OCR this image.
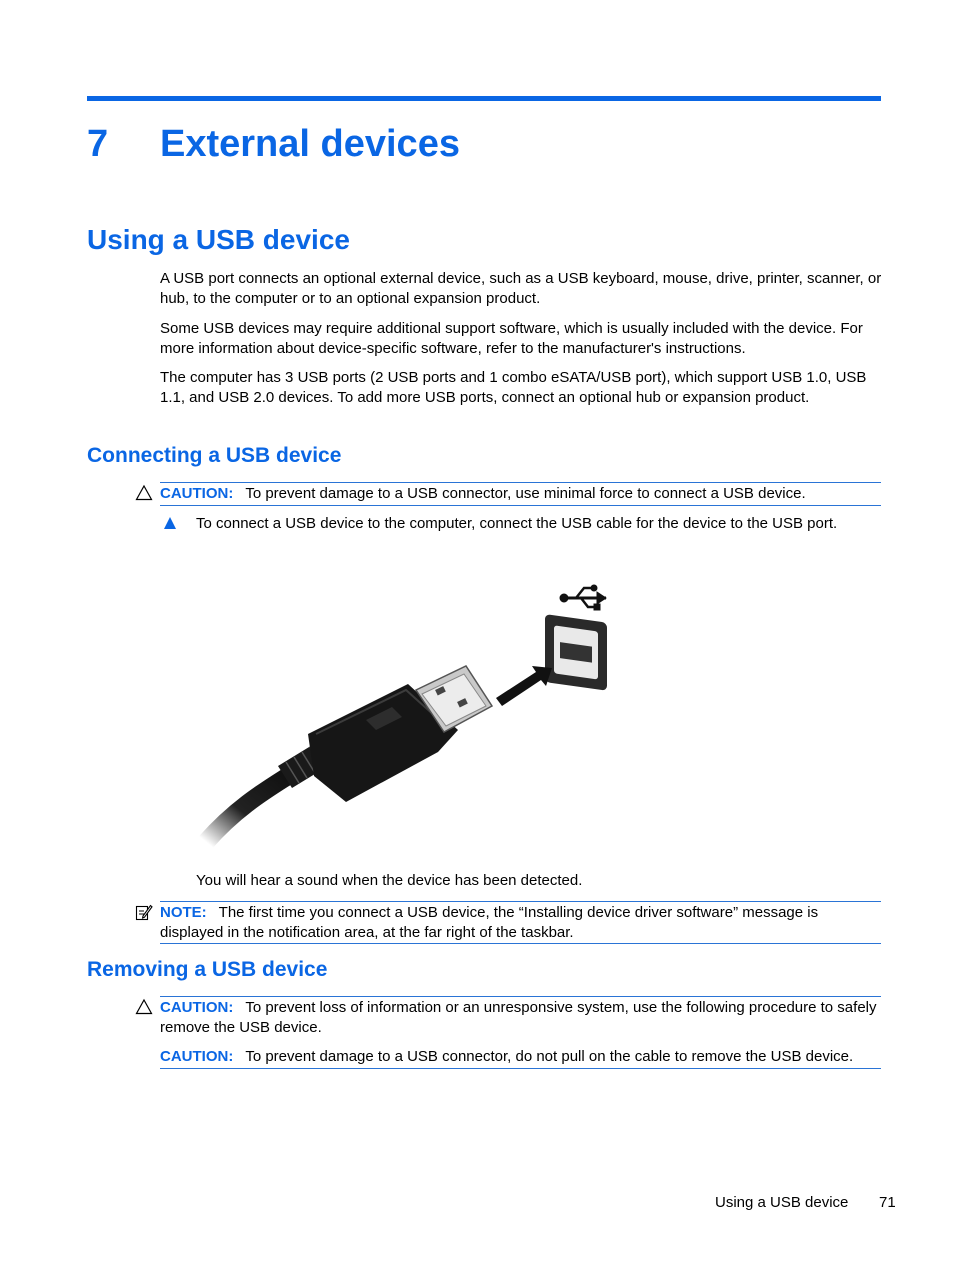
7 External devices
Using a USB device
A USB port connects an optional external device, such as a USB keyboard, mouse, drive, printer, scanner, or hub, to the computer or to an optional expansion product.
Some USB devices may require additional support software, which is usually included with the device. For more information about device-specific software, refer to the manufacturer's instructions.
The computer has 3 USB ports (2 USB ports and 1 combo eSATA/USB port), which support USB 1.0, USB 1.1, and USB 2.0 devices. To add more USB ports, connect an optional hub or expansion product.
Connecting a USB device
CAUTION: To prevent damage to a USB connector, use minimal force to connect a USB device.
To connect a USB device to the computer, connect the USB cable for the device to the USB port.
You will hear a sound when the device has been detected.
NOTE: The first time you connect a USB device, the “Installing device driver software” message is displayed in the notification area, at the far right of the taskbar.
Removing a USB device
CAUTION: To prevent loss of information or an unresponsive system, use the following procedure to safely remove the USB device.
CAUTION: To prevent damage to a USB connector, do not pull on the cable to remove the USB device.
Using a USB device 71
